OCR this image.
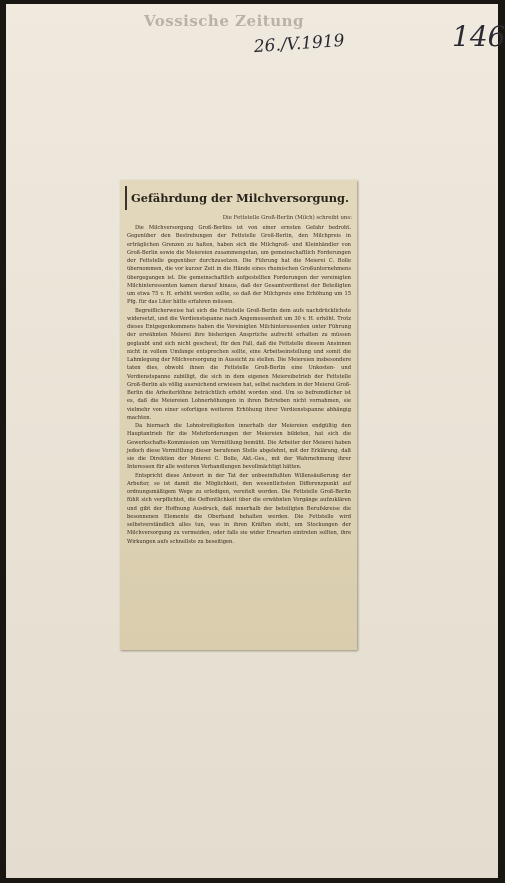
Vossische Zeitung
26./V.1919	146
Gefährdung der Milchversorgung.
Die Fettstelle Groß-Berlin (Milch) schreibt uns:

Die Milchversorgung Groß-Berlins ist von einer ernsten Gefahr bedroht. Gegenüber den Bestrebungen der Fettstelle Groß-Berlin, den Milchpreis in erträglichen Grenzen zu halten, haben sich die Milchgroß- und Kleinhändler von Groß-Berlin sowie die Meiereien zusammengetan, um gemeinschaftlich Forderungen der Fettstelle gegenüber durchzusetzen. Die Führung hat die Meierei C. Bolle übernommen, die vor kurzer Zeit in die Hände eines rheinischen Großunternehmens übergegangen ist. Die gemeinschaftlich aufgestellten Forderungen der vereinigten Milchinteressenten kamen darauf hinaus, daß der Gesamtverdienst der Beteiligten um etwa 75 v. H. erhöht werden sollte, so daß der Milchpreis eine Erhöhung um 15 Pfg. für das Liter hätte erfahren müssen.

Begreiflicherweise hat sich die Fettstelle Groß-Berlin dem aufs nachdrücklichste widersetzt, und die Verdienstspanne nach Angemessenheit um 30 v. H. erhöht. Trotz dieses Entgegenkommens haben die Vereinigten Milchinteressenten unter Führung der erwähnten Meierei ihre bisherigen Ansprüche aufrecht erhalten zu müssen geglaubt und sich nicht gescheut, für den Fall, daß die Fettstelle diesem Ansinnen nicht in vollem Umfange entsprechen sollte, eine Arbeitseinstellung und somit die Lahmlegung der Milchversorgung in Aussicht zu stellen. Die Meiereien insbesondere taten dies, obwohl ihnen die Fettstelle Groß-Berlin eine Unkosten- und Verdienstspanne zubilligt, die sich in dem eigenen Meiereibetrieb der Fettstelle Groß-Berlin als völlig ausreichend erwiesen hat, selbst nachdem in der Meierei Groß-Berlin die Arbeiterlöhne beträchtlich erhöht worden sind. Um so befremdlicher ist es, daß die Meiereien Lohnerhöhungen in ihren Betrieben nicht vornahmen, sie vielmehr von einer sofortigen weiteren Erhöhung ihrer Verdienstspanne abhängig machten.

Da hiernach die Lohnstreitigkeiten innerhalb der Meiereien endgültig den Hauptantrieb für die Mehrforderungen der Meiereien bildeten, hat sich die Gewerkschafts-Kommission um Vermittlung bemüht. Die Arbeiter der Meierei haben jedoch diese Vermittlung dieser berufenen Stelle abgelehnt, mit der Erklärung, daß sie die Direktion der Meierei C. Bolle, Akt.-Ges., mit der Wahrnehmung ihrer Interessen für alle weiteren Verhandlungen bevollmächtigt hätten.

Entspricht diese Antwort in der Tat der unbeeinflußten Willensäußerung der Arbeiter, so ist damit die Möglichkeit, den wesentlichsten Differenzpunkt auf ordnungsmäßigem Wege zu erledigen, vereitelt worden. Die Fettstelle Groß-Berlin fühlt sich verpflichtet, die Oeffentlichkeit über die erwähnten Vorgänge aufzuklären und gibt der Hoffnung Ausdruck, daß innerhalb der beteiligten Berufskreise die besonnenen Elemente die Oberhand behalten werden. Die Fettstelle wird selbstverständlich alles tun, was in ihren Kräften steht, um Stockungen der Milchversorgung zu vermeiden, oder falls sie wider Erwarten eintreten sollten, ihre Wirkungen aufs schnellste zu beseitigen.
